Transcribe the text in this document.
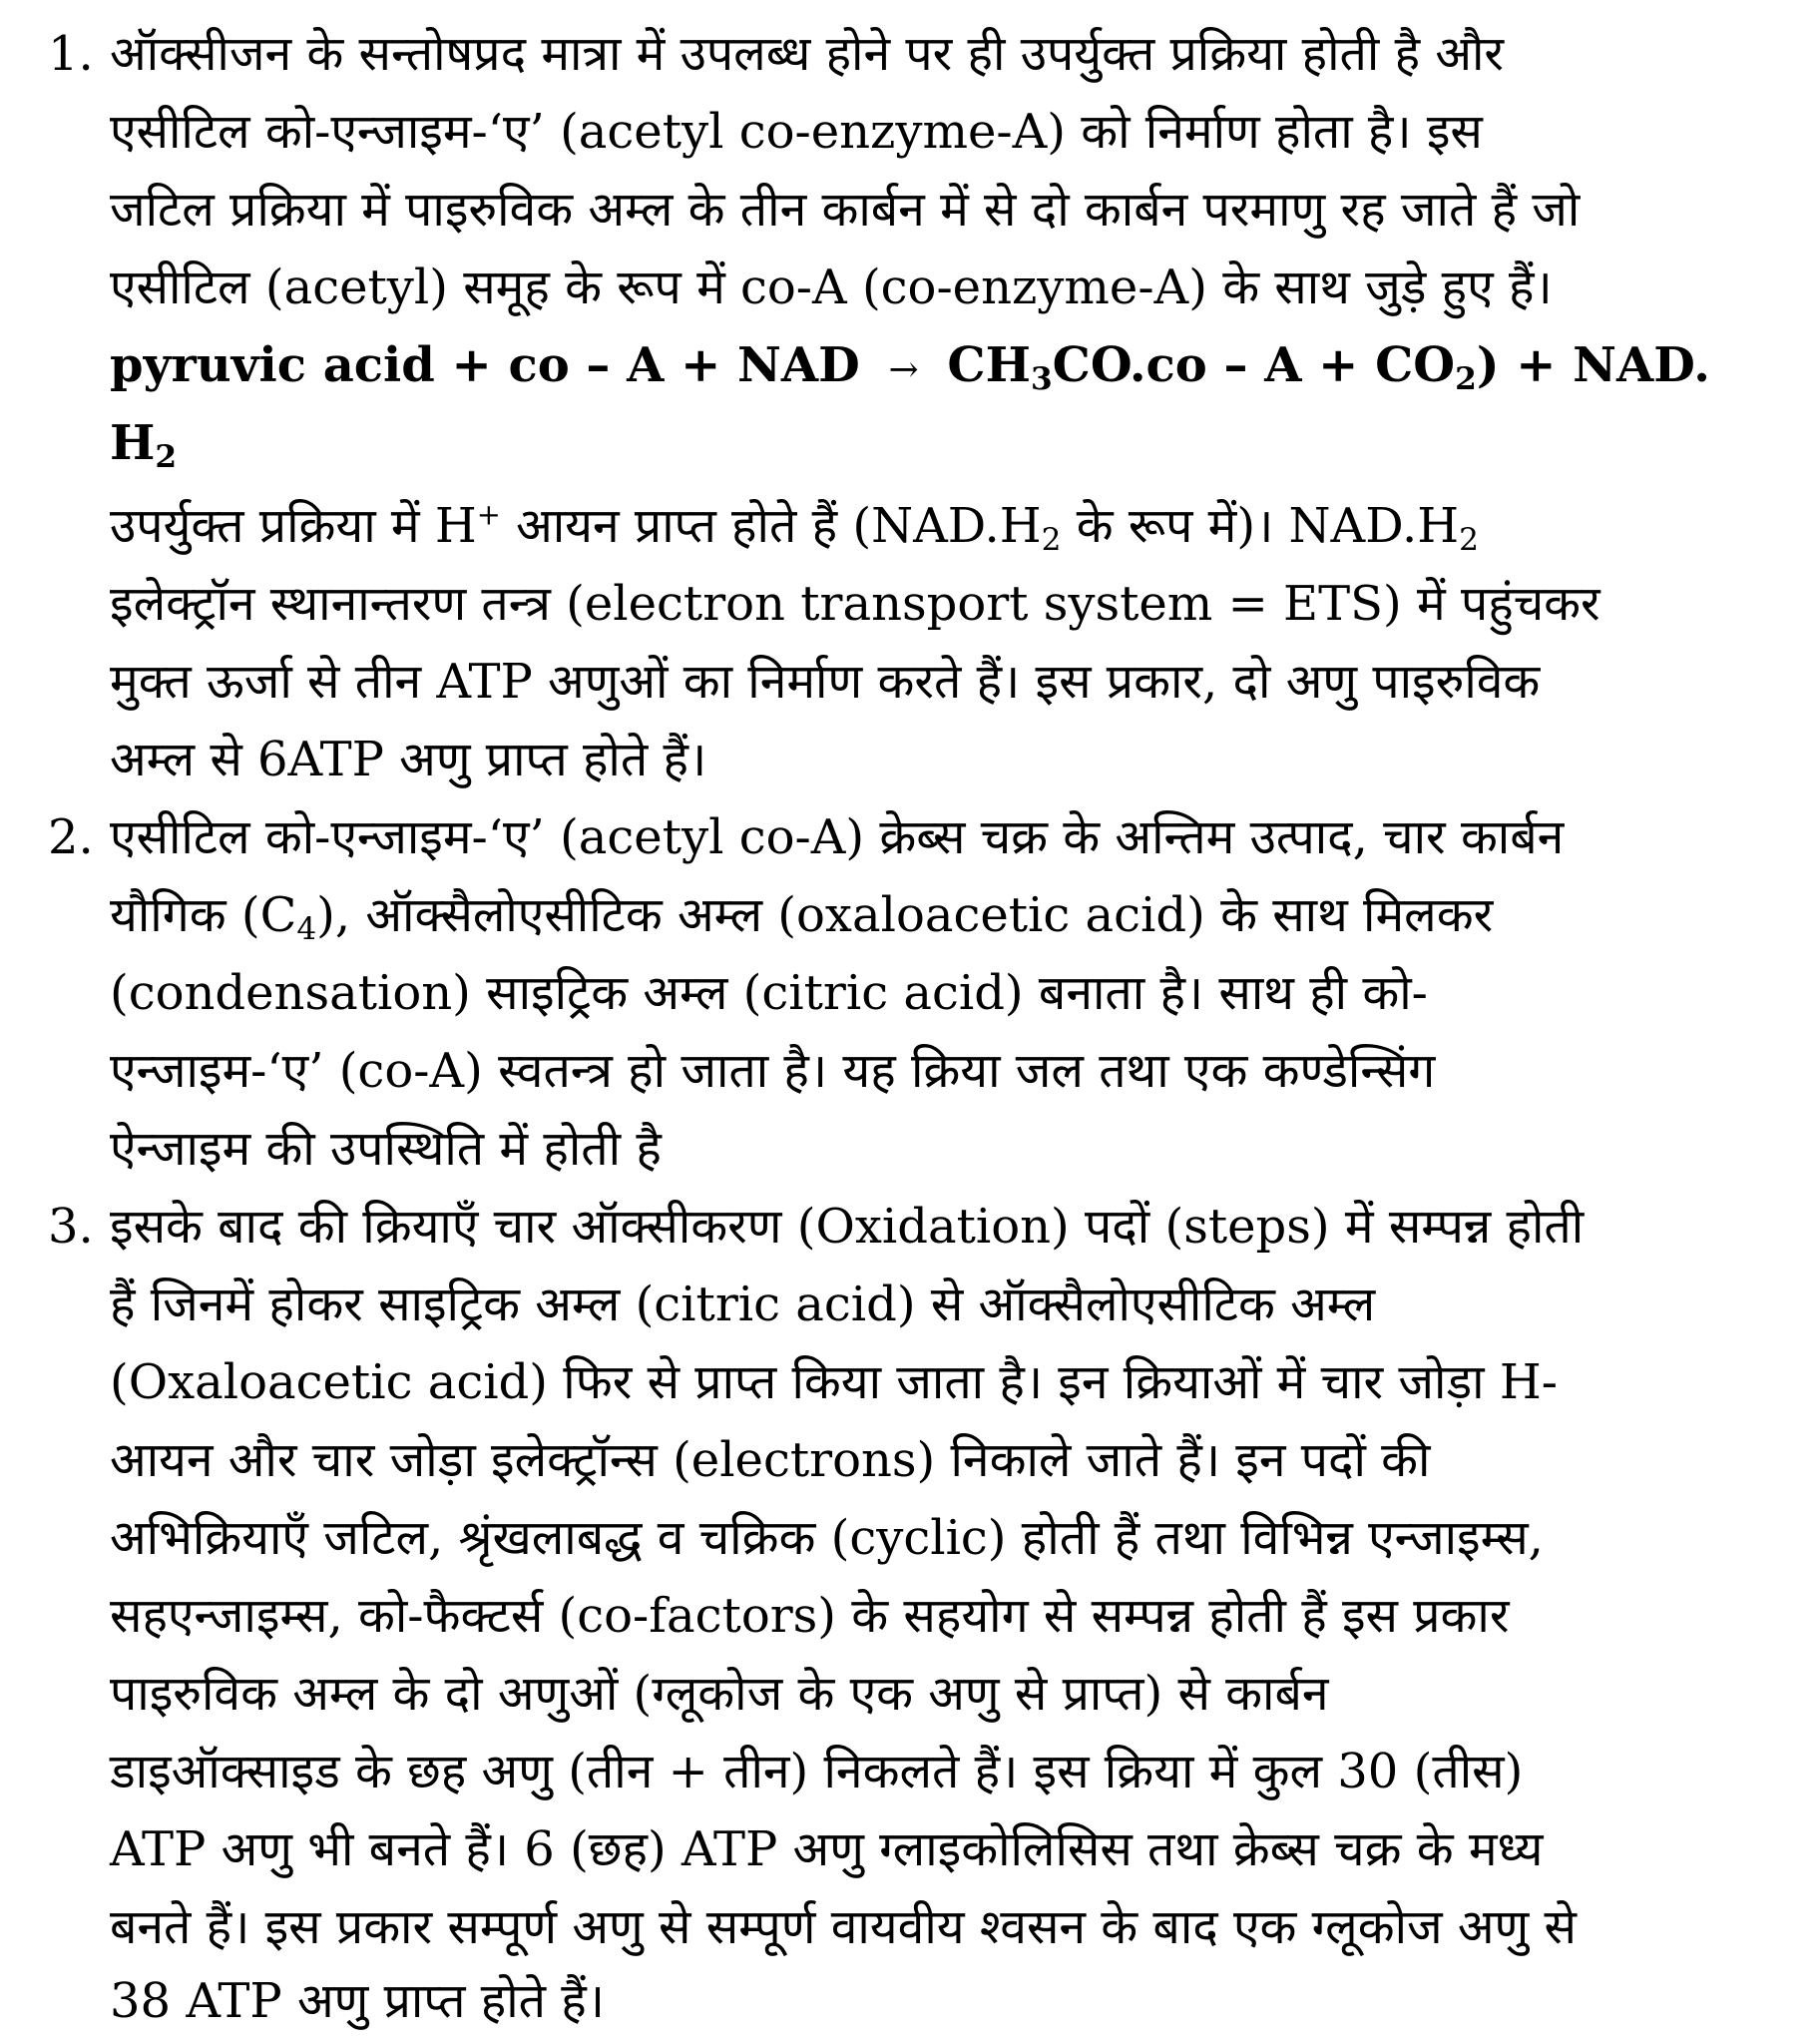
1. ऑक्सीजन के सन्तोषप्रद मात्रा में उपलब्ध होने पर ही उपर्युक्त प्रक्रिया होती है और
एसीटिल को-एन्जाइम-‘ए’ (acetyl co-enzyme-A) को निर्माण होता है। इस
जटिल प्रक्रिया में पाइरुविक अम्ल के तीन कार्बन में से दो कार्बन परमाणु रह जाते हैं जो
एसीटिल (acetyl) समूह के रूप में co-A (co-enzyme-A) के साथ जुड़े हुए हैं।
pyruvic acid + co – A + NAD → $CH_3CO.co - A + CO_2$) + NAD.
$H_2$
उपर्युक्त प्रक्रिया में H+ आयन प्राप्त होते हैं ($NAD.H_2$ के रूप में)। $NAD.H_2$
इलेक्ट्रॉन स्थानान्तरण तन्त्र (electron transport system = ETS) में पहुंचकर
मुक्त ऊर्जा से तीन ATP अणुओं का निर्माण करते हैं। इस प्रकार, दो अणु पाइरुविक
अम्ल से 6ATP अणु प्राप्त होते हैं।
2. एसीटिल को-एन्जाइम-‘ए’ (acetyl co-A) क्रेब्स चक्र के अन्तिम उत्पाद, चार कार्बन
यौगिक $(C_4)$, ऑक्सैलोएसीटिक अम्ल (oxaloacetic acid) के साथ मिलकर
(condensation) साइट्रिक अम्ल (citric acid) बनाता है। साथ ही को-
एन्जाइम-‘ए’ (co-A) स्वतन्त्र हो जाता है। यह क्रिया जल तथा एक कण्डेन्सिंग
ऐन्जाइम की उपस्थिति में होती है
3. इसके बाद की क्रियाएँ चार ऑक्सीकरण (Oxidation) पदों (steps) में सम्पन्न होती
हैं जिनमें होकर साइट्रिक अम्ल (citric acid) से ऑक्सैलोएसीटिक अम्ल
(Oxaloacetic acid) फिर से प्राप्त किया जाता है। इन क्रियाओं में चार जोड़ा H-
आयन और चार जोड़ा इलेक्ट्रॉन्स (electrons) निकाले जाते हैं। इन पदों की
अभिक्रियाएँ जटिल, श्रृंखलाबद्ध व चक्रिक (cyclic) होती हैं तथा विभिन्न एन्जाइम्स,
सहएन्जाइम्स, को-फैक्टर्स (co-factors) के सहयोग से सम्पन्न होती हैं इस प्रकार
पाइरुविक अम्ल के दो अणुओं (ग्लूकोज के एक अणु से प्राप्त) से कार्बन
डाइऑक्साइड के छह अणु (तीन + तीन) निकलते हैं। इस क्रिया में कुल 30 (तीस)
ATP अणु भी बनते हैं। 6 (छह) ATP अणु ग्लाइकोलिसिस तथा क्रेब्स चक्र के मध्य
बनते हैं। इस प्रकार सम्पूर्ण अणु से सम्पूर्ण वायवीय श्वसन के बाद एक ग्लूकोज अणु से
38 ATP अणु प्राप्त होते हैं।
